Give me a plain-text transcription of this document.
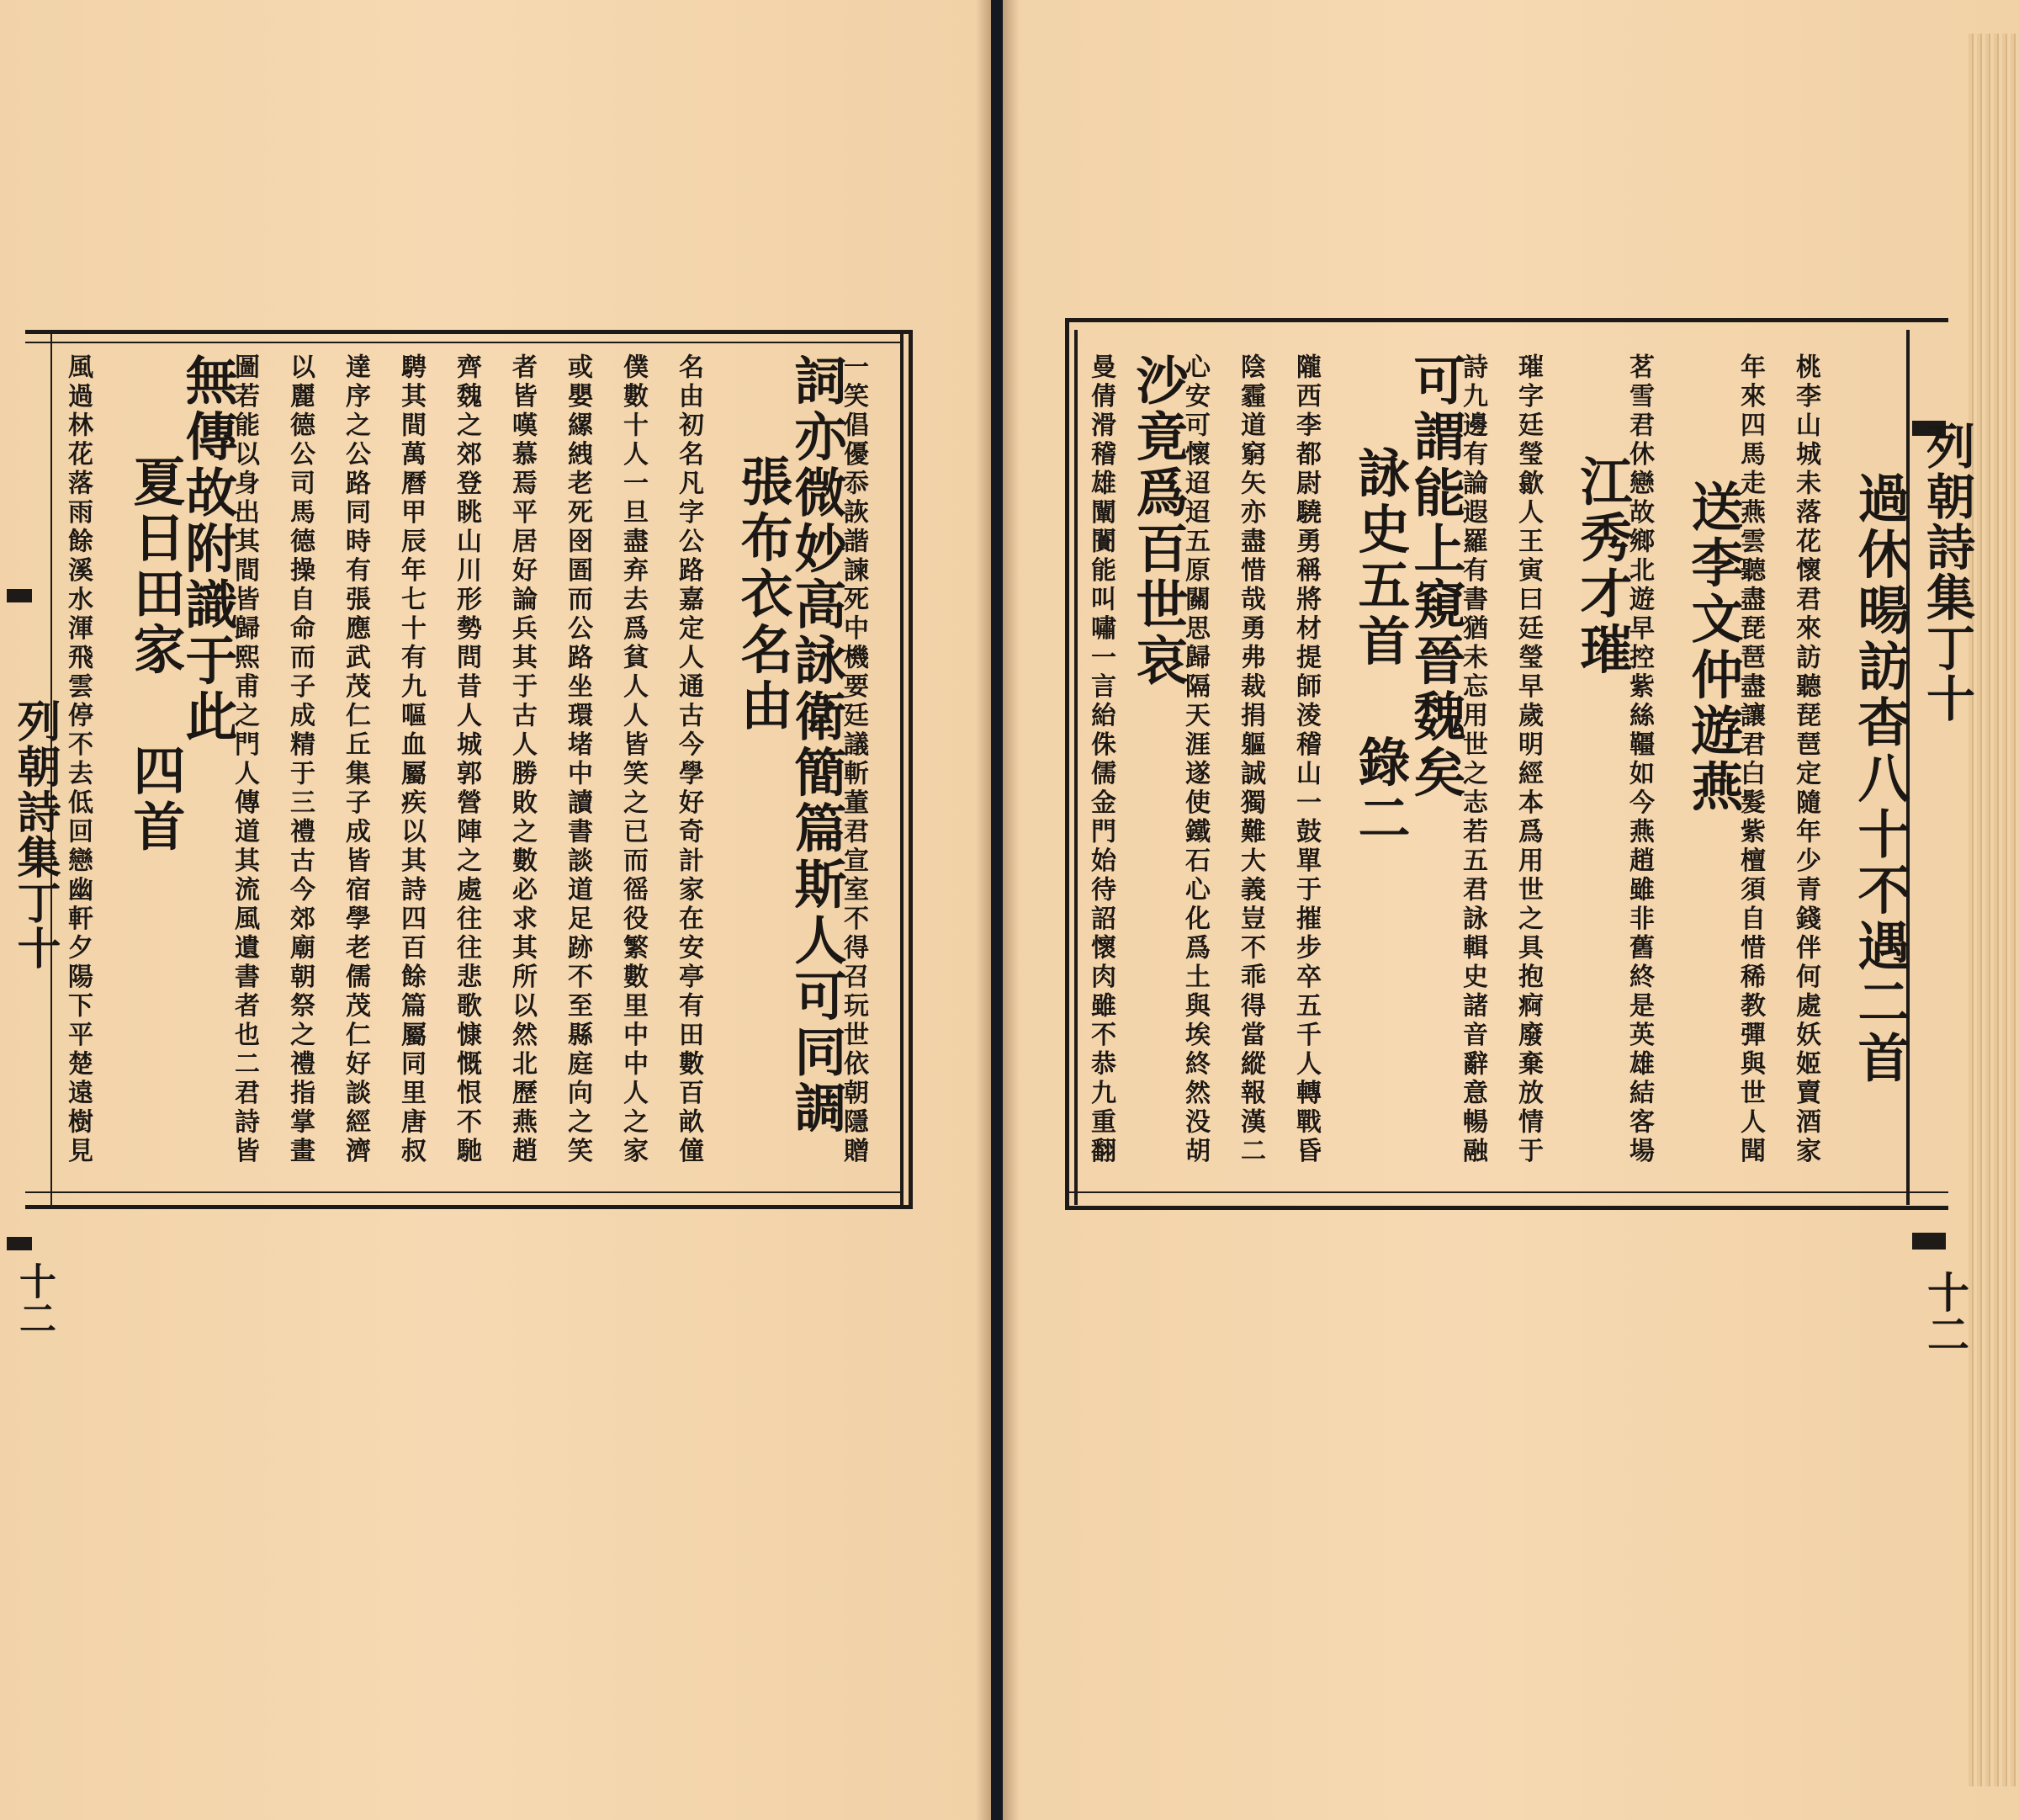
列朝詩集丁十
十二
列朝詩集丁十
十二
過休暘訪杳八十不遇二首
桃李山城未落花懷君來訪聽琵琶定隨年少青錢伴何處妖姬賣酒家
年來四馬走燕雲聽盡琵琶盡讓君白髮紫檀須自惜稀教彈與世人聞
送李文仲遊燕
茗雪君休戀故鄉北遊早控紫絲韁如今燕趙雖非舊終是英雄結客場
江秀才璀
璀字廷瑩歙人王寅曰廷瑩早歲明經本爲用世之具抱痾廢棄放情于
詩九邊有論遐羅有書猶未忘用世之志若五君詠輯史諸音辭意暢融
可謂能上窺晉魏矣
詠史五首 錄二
隴西李都尉驍勇稱將材提師淩稽山一鼓單于摧步卒五千人轉戰昏
陰霾道窮矢亦盡惜哉勇弗裁捐軀誠獨難大義豈不乖得當縱報漢二
心安可懷迢迢五原關思歸隔天涯遂使鐵石心化爲土與埃終然没胡
沙竟爲百世哀
曼倩滑稽雄闡闠能叫嘯一言紿侏儒金門始待詔懷肉雖不恭九重翻
一笑倡優忝詼諧諫死中機要廷議斬董君宣室不得召玩世依朝隱贈
詞亦微妙高詠衛簡篇斯人可同調
張布衣名由
名由初名凡字公路嘉定人通古今學好奇計家在安亭有田數百畝僮
僕數十人一旦盡弃去爲貧人人皆笑之已而徭役繁數里中中人之家
或嬰縲絏老死囹圄而公路坐環堵中讀書談道足跡不至縣庭向之笑
者皆嘆慕焉平居好論兵其于古人勝敗之數必求其所以然北歷燕趙
齊魏之郊登眺山川形勢問昔人城郭營陣之處往往悲歌慷慨恨不馳
騁其間萬曆甲辰年七十有九嘔血屬疾以其詩四百餘篇屬同里唐叔
達序之公路同時有張應武茂仁丘集子成皆宿學老儒茂仁好談經濟
以麗德公司馬德操自命而子成精于三禮古今郊廟朝祭之禮指掌畫
圖若能以身出其間皆歸熙甫之門人傳道其流風遺書者也二君詩皆
無傳故附識于此
夏日田家 四首
風過林花落雨餘溪水渾飛雲停不去低回戀幽軒夕陽下平楚遠樹見
